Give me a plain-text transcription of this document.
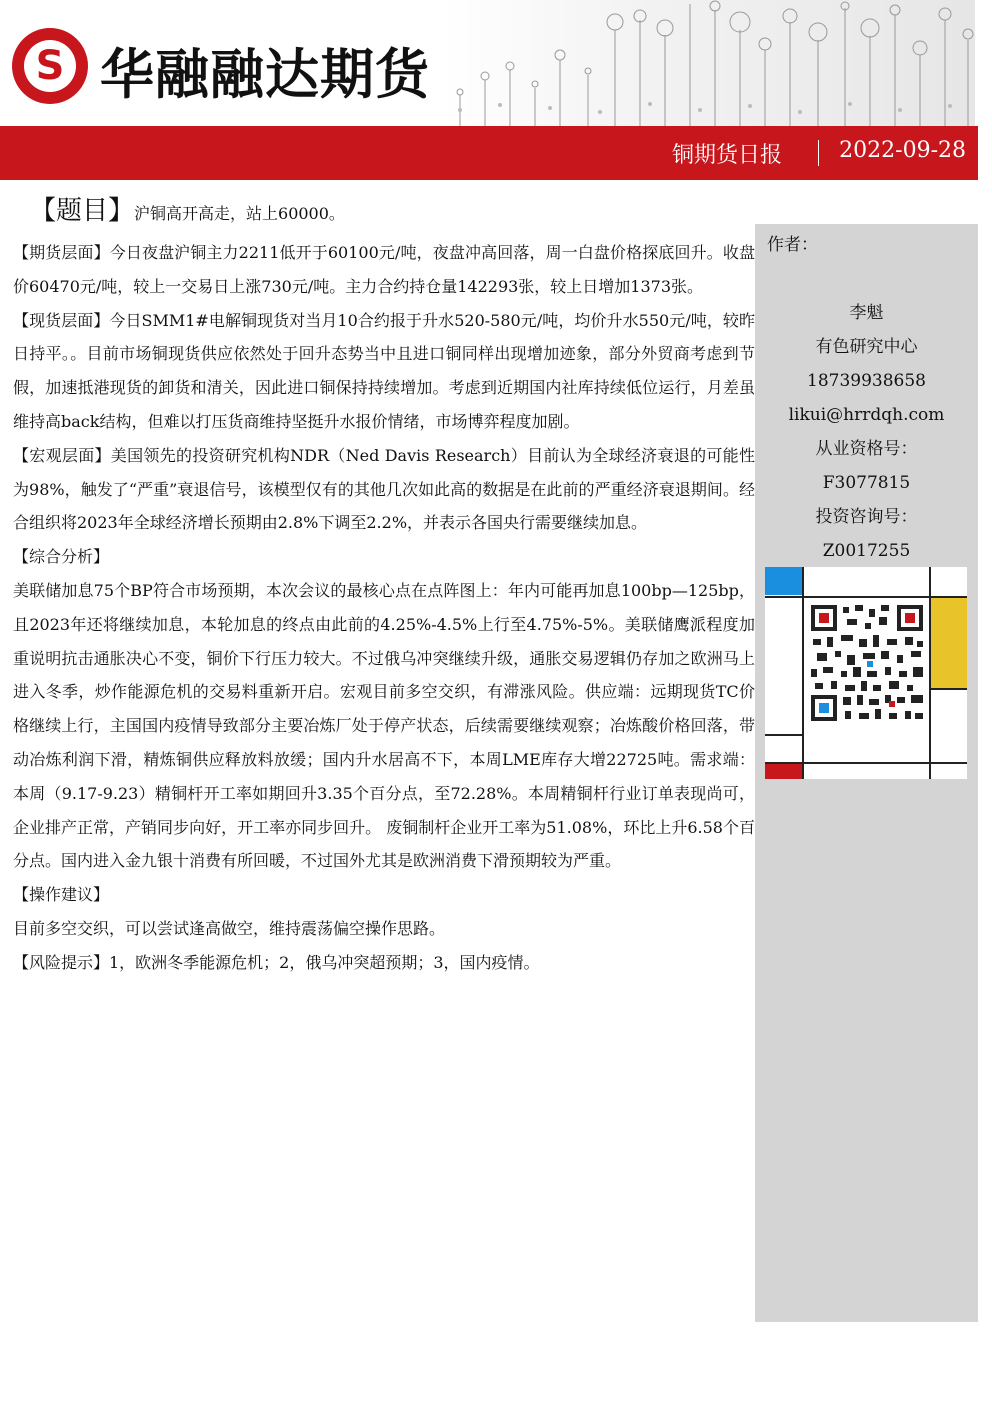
S 华融融达期货
铜期货日报	2022-09-28
【题目】沪铜高开高走，站上60000。

【期货层面】今日夜盘沪铜主力2211低开于60100元/吨，夜盘冲高回落，周一白盘价格探底回升。收盘价60470元/吨，较上一交易日上涨730元/吨。主力合约持仓量142293张，较上日增加1373张。

【现货层面】今日SMM1#电解铜现货对当月10合约报于升水520-580元/吨，均价升水550元/吨，较昨日持平。。目前市场铜现货供应依然处于回升态势当中且进口铜同样出现增加迹象，部分外贸商考虑到节假，加速抵港现货的卸货和清关，因此进口铜保持持续增加。考虑到近期国内社库持续低位运行，月差虽维持高back结构，但难以打压货商维持坚挺升水报价情绪，市场博弈程度加剧。

【宏观层面】美国领先的投资研究机构NDR（Ned Davis Research）目前认为全球经济衰退的可能性为98%，触发了“严重”衰退信号，该模型仅有的其他几次如此高的数据是在此前的严重经济衰退期间。经合组织将2023年全球经济增长预期由2.8%下调至2.2%，并表示各国央行需要继续加息。

【综合分析】

美联储加息75个BP符合市场预期，本次会议的最核心点在点阵图上：年内可能再加息100bp—125bp，且2023年还将继续加息，本轮加息的终点由此前的4.25%-4.5%上行至4.75%-5%。美联储鹰派程度加重说明抗击通胀决心不变，铜价下行压力较大。不过俄乌冲突继续升级，通胀交易逻辑仍存加之欧洲马上进入冬季，炒作能源危机的交易料重新开启。宏观目前多空交织，有滞涨风险。供应端：远期现货TC价格继续上行，主国国内疫情导致部分主要冶炼厂处于停产状态，后续需要继续观察；冶炼酸价格回落，带动冶炼利润下滑，精炼铜供应释放料放缓；国内升水居高不下，本周LME库存大增22725吨。需求端：本周（9.17-9.23）精铜杆开工率如期回升3.35个百分点，至72.28%。本周精铜杆行业订单表现尚可，企业排产正常，产销同步向好，开工率亦同步回升。 废铜制杆企业开工率为51.08%，环比上升6.58个百分点。国内进入金九银十消费有所回暖，不过国外尤其是欧洲消费下滑预期较为严重。

【操作建议】

目前多空交织，可以尝试逢高做空，维持震荡偏空操作思路。

【风险提示】1，欧洲冬季能源危机；2，俄乌冲突超预期；3，国内疫情。

作者：
李魁
有色研究中心
18739938658
likui@hrrdqh.com
从业资格号：
F3077815
投资咨询号：
Z0017255
